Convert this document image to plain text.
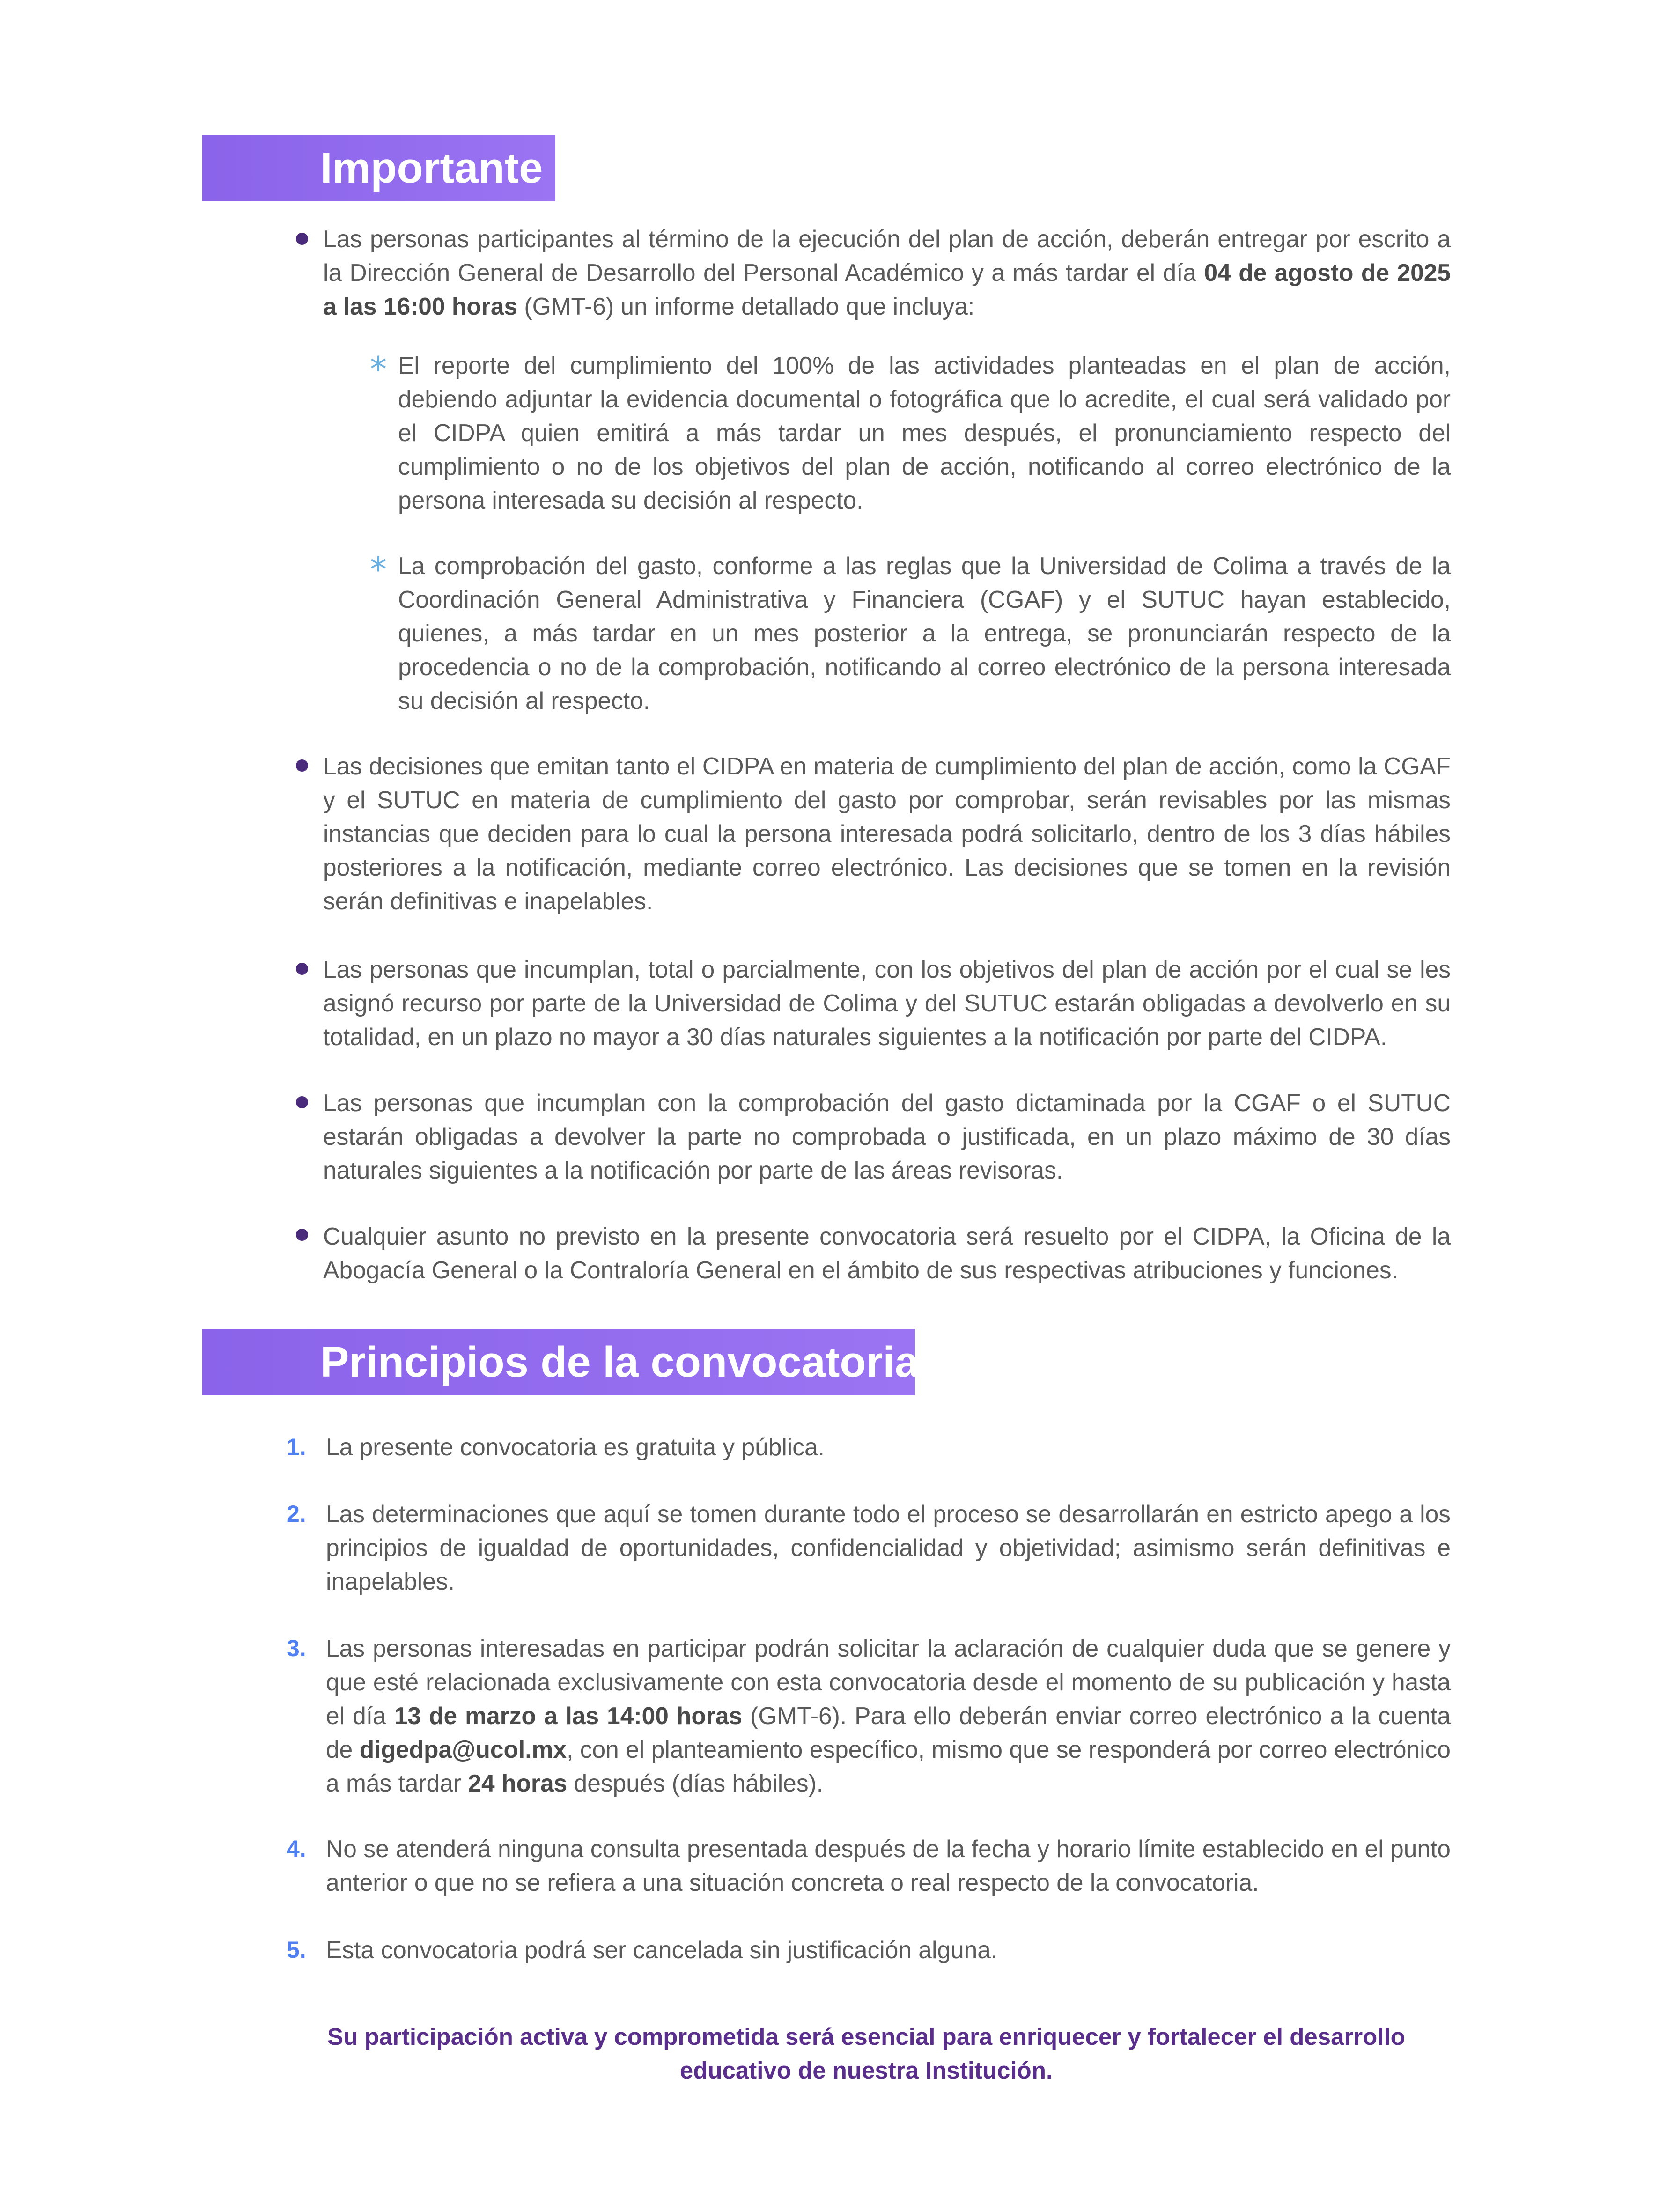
Importante
Las personas participantes al término de la ejecución del plan de acción, deberán entregar por escrito a la Dirección General de Desarrollo del Personal Académico y a más tardar el día 04 de agosto de 2025 a las 16:00 horas (GMT-6) un informe detallado que incluya:
* El reporte del cumplimiento del 100% de las actividades planteadas en el plan de acción, debiendo adjuntar la evidencia documental o fotográfica que lo acredite, el cual será validado por el CIDPA quien emitirá a más tardar un mes después, el pronunciamiento respecto del cumplimiento o no de los objetivos del plan de acción, notificando al correo electrónico de la persona interesada su decisión al respecto.
* La comprobación del gasto, conforme a las reglas que la Universidad de Colima a través de la Coordinación General Administrativa y Financiera (CGAF) y el SUTUC hayan establecido, quienes, a más tardar en un mes posterior a la entrega, se pronunciarán respecto de la procedencia o no de la comprobación, notificando al correo electrónico de la persona interesada su decisión al respecto.
Las decisiones que emitan tanto el CIDPA en materia de cumplimiento del plan de acción, como la CGAF y el SUTUC en materia de cumplimiento del gasto por comprobar, serán revisables por las mismas instancias que deciden para lo cual la persona interesada podrá solicitarlo, dentro de los 3 días hábiles posteriores a la notificación, mediante correo electrónico. Las decisiones que se tomen en la revisión serán definitivas e inapelables.
Las personas que incumplan, total o parcialmente, con los objetivos del plan de acción por el cual se les asignó recurso por parte de la Universidad de Colima y del SUTUC estarán obligadas a devolverlo en su totalidad, en un plazo no mayor a 30 días naturales siguientes a la notificación por parte del CIDPA.
Las personas que incumplan con la comprobación del gasto dictaminada por la CGAF o el SUTUC estarán obligadas a devolver la parte no comprobada o justificada, en un plazo máximo de 30 días naturales siguientes a la notificación por parte de las áreas revisoras.
Cualquier asunto no previsto en la presente convocatoria será resuelto por el CIDPA, la Oficina de la Abogacía General o la Contraloría General en el ámbito de sus respectivas atribuciones y funciones.
Principios de la convocatoria
1. La presente convocatoria es gratuita y pública.
2. Las determinaciones que aquí se tomen durante todo el proceso se desarrollarán en estricto apego a los principios de igualdad de oportunidades, confidencialidad y objetividad; asimismo serán definitivas e inapelables.
3. Las personas interesadas en participar podrán solicitar la aclaración de cualquier duda que se genere y que esté relacionada exclusivamente con esta convocatoria desde el momento de su publicación y hasta el día 13 de marzo a las 14:00 horas (GMT-6). Para ello deberán enviar correo electrónico a la cuenta de digedpa@ucol.mx, con el planteamiento específico, mismo que se responderá por correo electrónico a más tardar 24 horas después (días hábiles).
4. No se atenderá ninguna consulta presentada después de la fecha y horario límite establecido en el punto anterior o que no se refiera a una situación concreta o real respecto de la convocatoria.
5. Esta convocatoria podrá ser cancelada sin justificación alguna.
Su participación activa y comprometida será esencial para enriquecer y fortalecer el desarrollo educativo de nuestra Institución.
